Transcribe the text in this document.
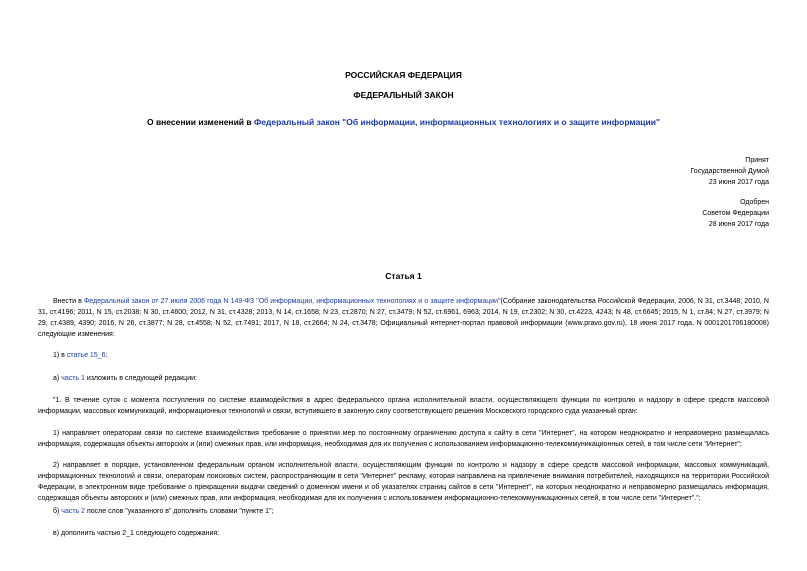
РОССИЙСКАЯ ФЕДЕРАЦИЯ
ФЕДЕРАЛЬНЫЙ ЗАКОН
О внесении изменений в Федеральный закон "Об информации, информационных технологиях и о защите информации"
Принят
Государственной Думой
23 июня 2017 года
Одобрен
Советом Федерации
28 июня 2017 года
Статья 1
Внести в Федеральный закон от 27 июля 2006 года N 149-ФЗ "Об информации, информационных технологиях и о защите информации"(Собрание законодательства Российской Федерации, 2006, N 31, ст.3448; 2010, N 31, ст.4196; 2011, N 15, ст.2038; N 30, ст.4600; 2012, N 31, ст.4328; 2013, N 14, ст.1658; N 23, ст.2870; N 27, ст.3479; N 52, ст.6961, 6963; 2014, N 19, ст.2302; N 30, ст.4223, 4243; N 48, ст.6645; 2015, N 1, ст.84; N 27, ст.3979; N 29, ст.4389, 4390; 2016, N 26, ст.3877; N 28, ст.4558; N 52, ст.7491; 2017, N 18, ст.2664; N 24, ст.3478; Официальный интернет-портал правовой информации (www.pravo.gov.ru), 18 июня 2017 года, N 0001201706180008) следующие изменения:
1) в статье 15_6:
а) часть 1 изложить в следующей редакции:
"1. В течение суток с момента поступления по системе взаимодействия в адрес федерального органа исполнительной власти, осуществляющего функции по контролю и надзору в сфере средств массовой информации, массовых коммуникаций, информационных технологий и связи, вступившего в законную силу соответствующего решения Московского городского суда указанный орган:
1) направляет операторам связи по системе взаимодействия требование о принятии мер по постоянному ограничению доступа к сайту в сети "Интернет", на котором неоднократно и неправомерно размещалась информация, содержащая объекты авторских и (или) смежных прав, или информация, необходимая для их получения с использованием информационно-телекоммуникационных сетей, в том числе сети "Интернет";
2) направляет в порядке, установленном федеральным органом исполнительной власти, осуществляющим функции по контролю и надзору в сфере средств массовой информации, массовых коммуникаций, информационных технологий и связи, операторам поисковых систем, распространяющим в сети "Интернет" рекламу, которая направлена на привлечение внимания потребителей, находящихся на территории Российской Федерации, в электронном виде требование о прекращении выдачи сведений о доменном имени и об указателях страниц сайтов в сети "Интернет", на которых неоднократно и неправомерно размещалась информация, содержащая объекты авторских и (или) смежных прав, или информация, необходимая для их получения с использованием информационно-телекоммуникационных сетей, в том числе сети "Интернет".";
б) часть 2 после слов "указанного в" дополнить словами "пункте 1";
в) дополнить частью 2_1 следующего содержания:
